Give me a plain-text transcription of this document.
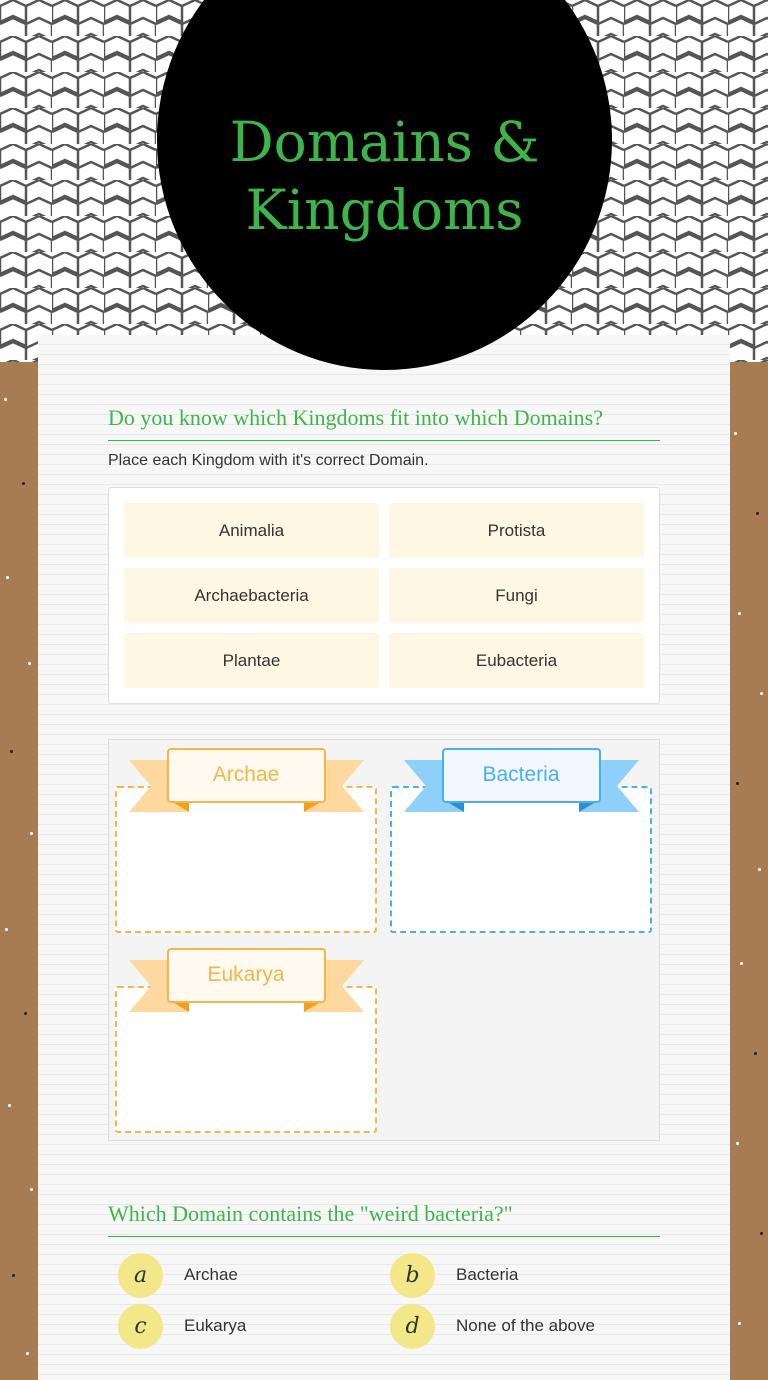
Domains & Kingdoms
Do you know which Kingdoms fit into which Domains?
Place each Kingdom with it's correct Domain.
Animalia	Protista
Archaebacteria	Fungi
Plantae	Eubacteria
Archae	Bacteria
Eukarya
Which Domain contains the "weird bacteria?"
a	Archae	b	Bacteria
c	Eukarya	d	None of the above
